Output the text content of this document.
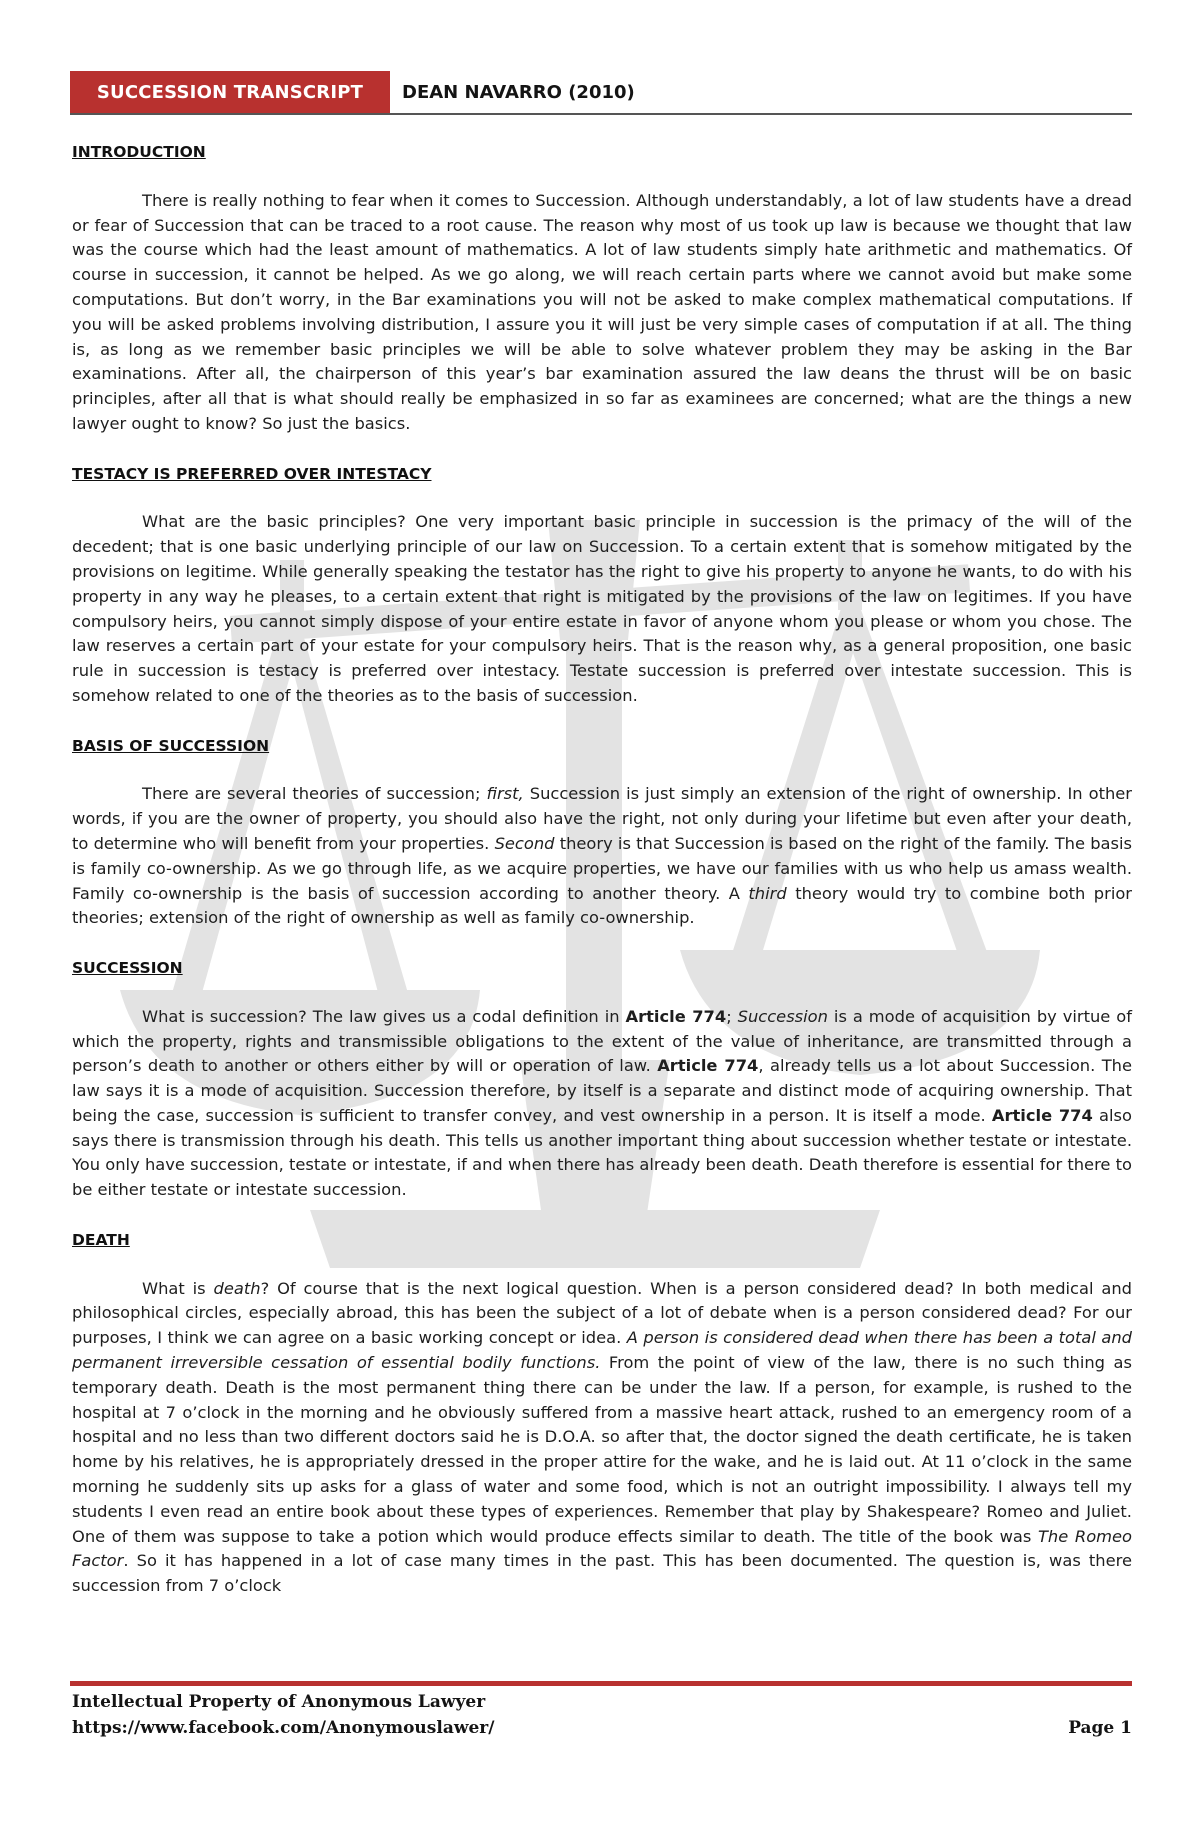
SUCCESSION TRANSCRIPT	DEAN NAVARRO (2010)
INTRODUCTION
There is really nothing to fear when it comes to Succession. Although understandably, a lot of law students have a dread or fear of Succession that can be traced to a root cause. The reason why most of us took up law is because we thought that law was the course which had the least amount of mathematics. A lot of law students simply hate arithmetic and mathematics. Of course in succession, it cannot be helped. As we go along, we will reach certain parts where we cannot avoid but make some computations. But don’t worry, in the Bar examinations you will not be asked to make complex mathematical computations. If you will be asked problems involving distribution, I assure you it will just be very simple cases of computation if at all. The thing is, as long as we remember basic principles we will be able to solve whatever problem they may be asking in the Bar examinations. After all, the chairperson of this year’s bar examination assured the law deans the thrust will be on basic principles, after all that is what should really be emphasized in so far as examinees are concerned; what are the things a new lawyer ought to know? So just the basics.
TESTACY IS PREFERRED OVER INTESTACY
What are the basic principles? One very important basic principle in succession is the primacy of the will of the decedent; that is one basic underlying principle of our law on Succession. To a certain extent that is somehow mitigated by the provisions on legitime. While generally speaking the testator has the right to give his property to anyone he wants, to do with his property in any way he pleases, to a certain extent that right is mitigated by the provisions of the law on legitimes. If you have compulsory heirs, you cannot simply dispose of your entire estate in favor of anyone whom you please or whom you chose. The law reserves a certain part of your estate for your compulsory heirs. That is the reason why, as a general proposition, one basic rule in succession is testacy is preferred over intestacy. Testate succession is preferred over intestate succession. This is somehow related to one of the theories as to the basis of succession.
BASIS OF SUCCESSION
There are several theories of succession; first, Succession is just simply an extension of the right of ownership. In other words, if you are the owner of property, you should also have the right, not only during your lifetime but even after your death, to determine who will benefit from your properties. Second theory is that Succession is based on the right of the family. The basis is family co-ownership. As we go through life, as we acquire properties, we have our families with us who help us amass wealth. Family co-ownership is the basis of succession according to another theory. A third theory would try to combine both prior theories; extension of the right of ownership as well as family co-ownership.
SUCCESSION
What is succession? The law gives us a codal definition in Article 774; Succession is a mode of acquisition by virtue of which the property, rights and transmissible obligations to the extent of the value of inheritance, are transmitted through a person’s death to another or others either by will or operation of law. Article 774, already tells us a lot about Succession. The law says it is a mode of acquisition. Succession therefore, by itself is a separate and distinct mode of acquiring ownership. That being the case, succession is sufficient to transfer convey, and vest ownership in a person. It is itself a mode. Article 774 also says there is transmission through his death. This tells us another important thing about succession whether testate or intestate. You only have succession, testate or intestate, if and when there has already been death. Death therefore is essential for there to be either testate or intestate succession.
DEATH
What is death? Of course that is the next logical question. When is a person considered dead? In both medical and philosophical circles, especially abroad, this has been the subject of a lot of debate when is a person considered dead? For our purposes, I think we can agree on a basic working concept or idea. A person is considered dead when there has been a total and permanent irreversible cessation of essential bodily functions. From the point of view of the law, there is no such thing as temporary death. Death is the most permanent thing there can be under the law. If a person, for example, is rushed to the hospital at 7 o’clock in the morning and he obviously suffered from a massive heart attack, rushed to an emergency room of a hospital and no less than two different doctors said he is D.O.A. so after that, the doctor signed the death certificate, he is taken home by his relatives, he is appropriately dressed in the proper attire for the wake, and he is laid out. At 11 o’clock in the same morning he suddenly sits up asks for a glass of water and some food, which is not an outright impossibility. I always tell my students I even read an entire book about these types of experiences. Remember that play by Shakespeare? Romeo and Juliet. One of them was suppose to take a potion which would produce effects similar to death. The title of the book was The Romeo Factor. So it has happened in a lot of case many times in the past. This has been documented. The question is, was there succession from 7 o’clock
Intellectual Property of Anonymous Lawyer
https://www.facebook.com/Anonymouslawer/	Page 1
